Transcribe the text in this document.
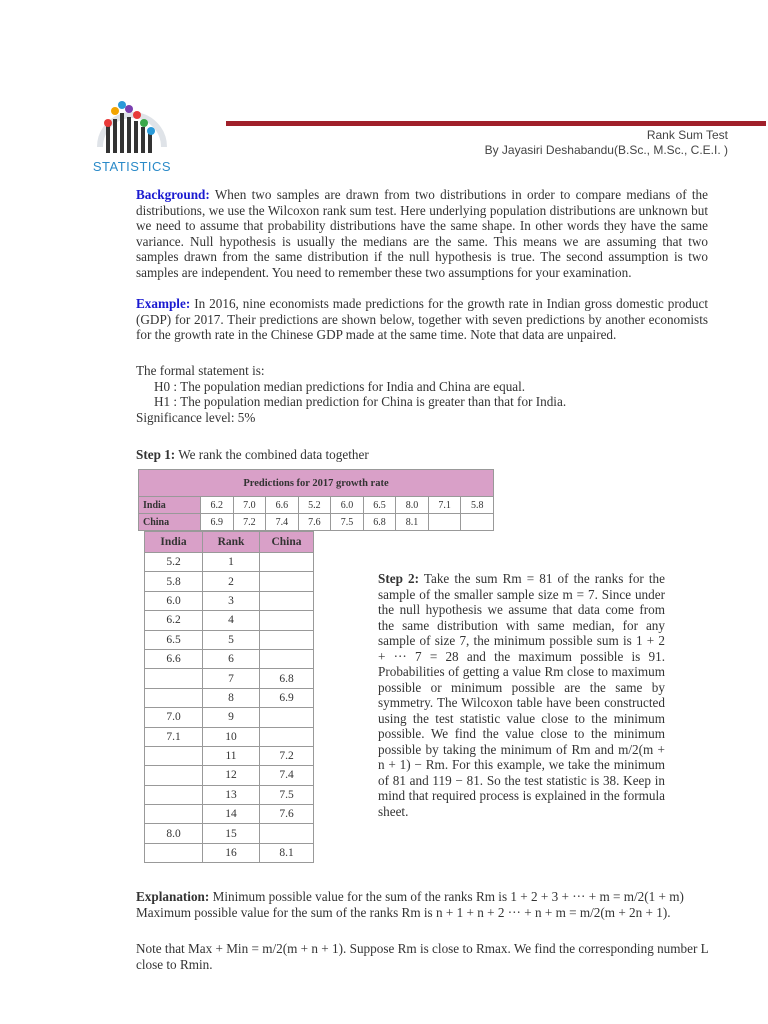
STATISTICS
Rank Sum Test
By Jayasiri Deshabandu(B.Sc., M.Sc., C.E.I. )
Background: When two samples are drawn from two distributions in order to compare medians of the distributions, we use the Wilcoxon rank sum test. Here underlying population distributions are unknown but we need to assume that probability distributions have the same shape. In other words they have the same variance. Null hypothesis is usually the medians are the same. This means we are assuming that two samples drawn from the same distribution if the null hypothesis is true. The second assumption is two samples are independent. You need to remember these two assumptions for your examination.
Example: In 2016, nine economists made predictions for the growth rate in Indian gross domestic product (GDP) for 2017. Their predictions are shown below, together with seven predictions by another economists for the growth rate in the Chinese GDP made at the same time. Note that data are unpaired.
The formal statement is:
H0 : The population median predictions for India and China are equal.
H1 : The population median prediction for China is greater than that for India.
Significance level: 5%
Step 1: We rank the combined data together
Predictions for 2017 growth rate									
India	6.2	7.0	6.6	5.2	6.0	6.5	8.0	7.1	5.8
China	6.9	7.2	7.4	7.6	7.5	6.8	8.1		
India	Rank	China
5.2	1	
5.8	2	
6.0	3	
6.2	4	
6.5	5	
6.6	6	
	7	6.8
	8	6.9
7.0	9	
7.1	10	
	11	7.2
	12	7.4
	13	7.5
	14	7.6
8.0	15	
	16	8.1
Step 2: Take the sum Rm = 81 of the ranks for the sample of the smaller sample size m = 7. Since under the null hypothesis we assume that data come from the same distribution with same median, for any sample of size 7, the minimum possible sum is 1 + 2 + ··· 7 = 28 and the maximum possible is 91. Probabilities of getting a value Rm close to maximum possible or minimum possible are the same by symmetry. The Wilcoxon table have been constructed using the test statistic value close to the minimum possible. We find the value close to the minimum possible by taking the minimum of Rm and m/2(m + n + 1) − Rm. For this example, we take the minimum of 81 and 119 − 81. So the test statistic is 38. Keep in mind that required process is explained in the formula sheet.
Explanation: Minimum possible value for the sum of the ranks Rm is 1 + 2 + 3 + ··· + m = m/2(1 + m)
Maximum possible value for the sum of the ranks Rm is n + 1 + n + 2 ··· + n + m = m/2(m + 2n + 1).
Note that Max + Min = m/2(m + n + 1). Suppose Rm is close to Rmax. We find the corresponding number L
close to Rmin.
